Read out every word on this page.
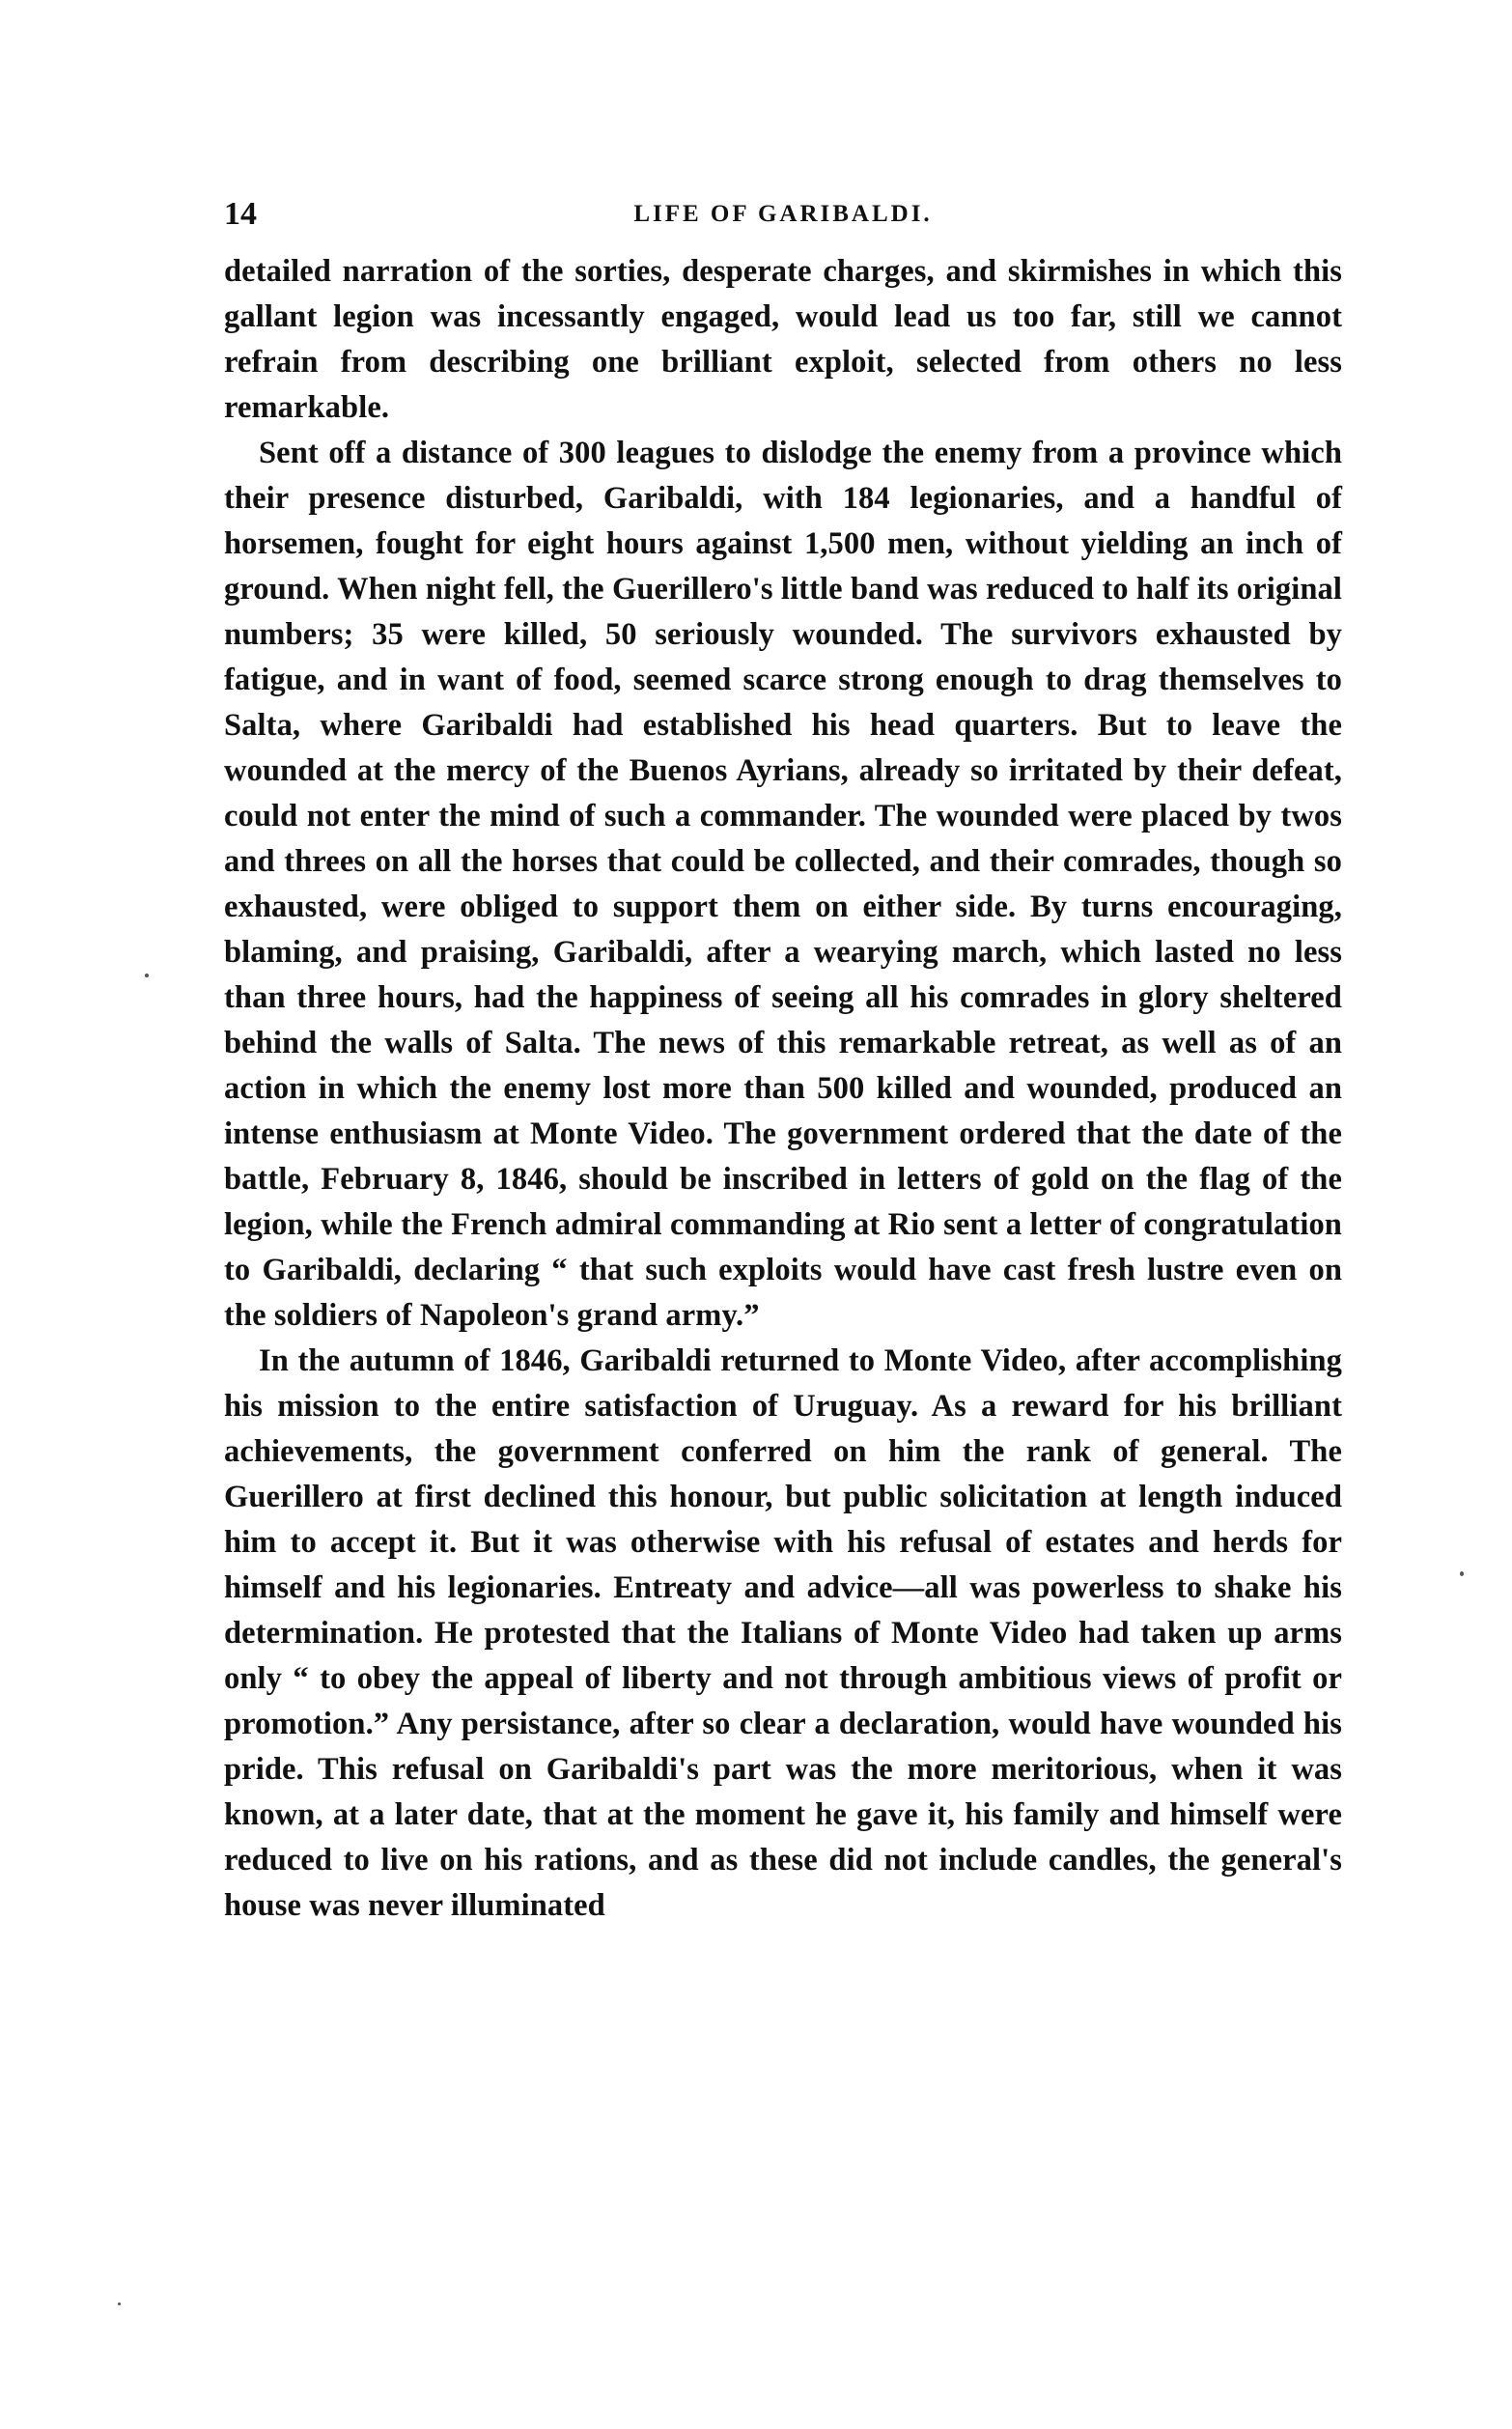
14	LIFE OF GARIBALDI.

detailed narration of the sorties, desperate charges, and skirmishes in which this gallant legion was incessantly engaged, would lead us too far, still we cannot refrain from describing one brilliant exploit, selected from others no less remarkable.

Sent off a distance of 300 leagues to dislodge the enemy from a province which their presence disturbed, Garibaldi, with 184 legionaries, and a handful of horsemen, fought for eight hours against 1,500 men, without yielding an inch of ground. When night fell, the Guerillero's little band was reduced to half its original numbers; 35 were killed, 50 seriously wounded. The survivors exhausted by fatigue, and in want of food, seemed scarce strong enough to drag themselves to Salta, where Garibaldi had established his head quarters. But to leave the wounded at the mercy of the Buenos Ayrians, already so irritated by their defeat, could not enter the mind of such a commander. The wounded were placed by twos and threes on all the horses that could be collected, and their comrades, though so exhausted, were obliged to support them on either side. By turns encouraging, blaming, and praising, Garibaldi, after a wearying march, which lasted no less than three hours, had the happiness of seeing all his comrades in glory sheltered behind the walls of Salta. The news of this remarkable retreat, as well as of an action in which the enemy lost more than 500 killed and wounded, produced an intense enthusiasm at Monte Video. The government ordered that the date of the battle, February 8, 1846, should be inscribed in letters of gold on the flag of the legion, while the French admiral commanding at Rio sent a letter of congratulation to Garibaldi, declaring “ that such exploits would have cast fresh lustre even on the soldiers of Napoleon's grand army.”

In the autumn of 1846, Garibaldi returned to Monte Video, after accomplishing his mission to the entire satisfaction of Uruguay. As a reward for his brilliant achievements, the government conferred on him the rank of general. The Guerillero at first declined this honour, but public solicitation at length induced him to accept it. But it was otherwise with his refusal of estates and herds for himself and his legionaries. Entreaty and advice—all was powerless to shake his determination. He protested that the Italians of Monte Video had taken up arms only “ to obey the appeal of liberty and not through ambitious views of profit or promotion.” Any persistance, after so clear a declaration, would have wounded his pride. This refusal on Garibaldi's part was the more meritorious, when it was known, at a later date, that at the moment he gave it, his family and himself were reduced to live on his rations, and as these did not include candles, the general's house was never illuminated
